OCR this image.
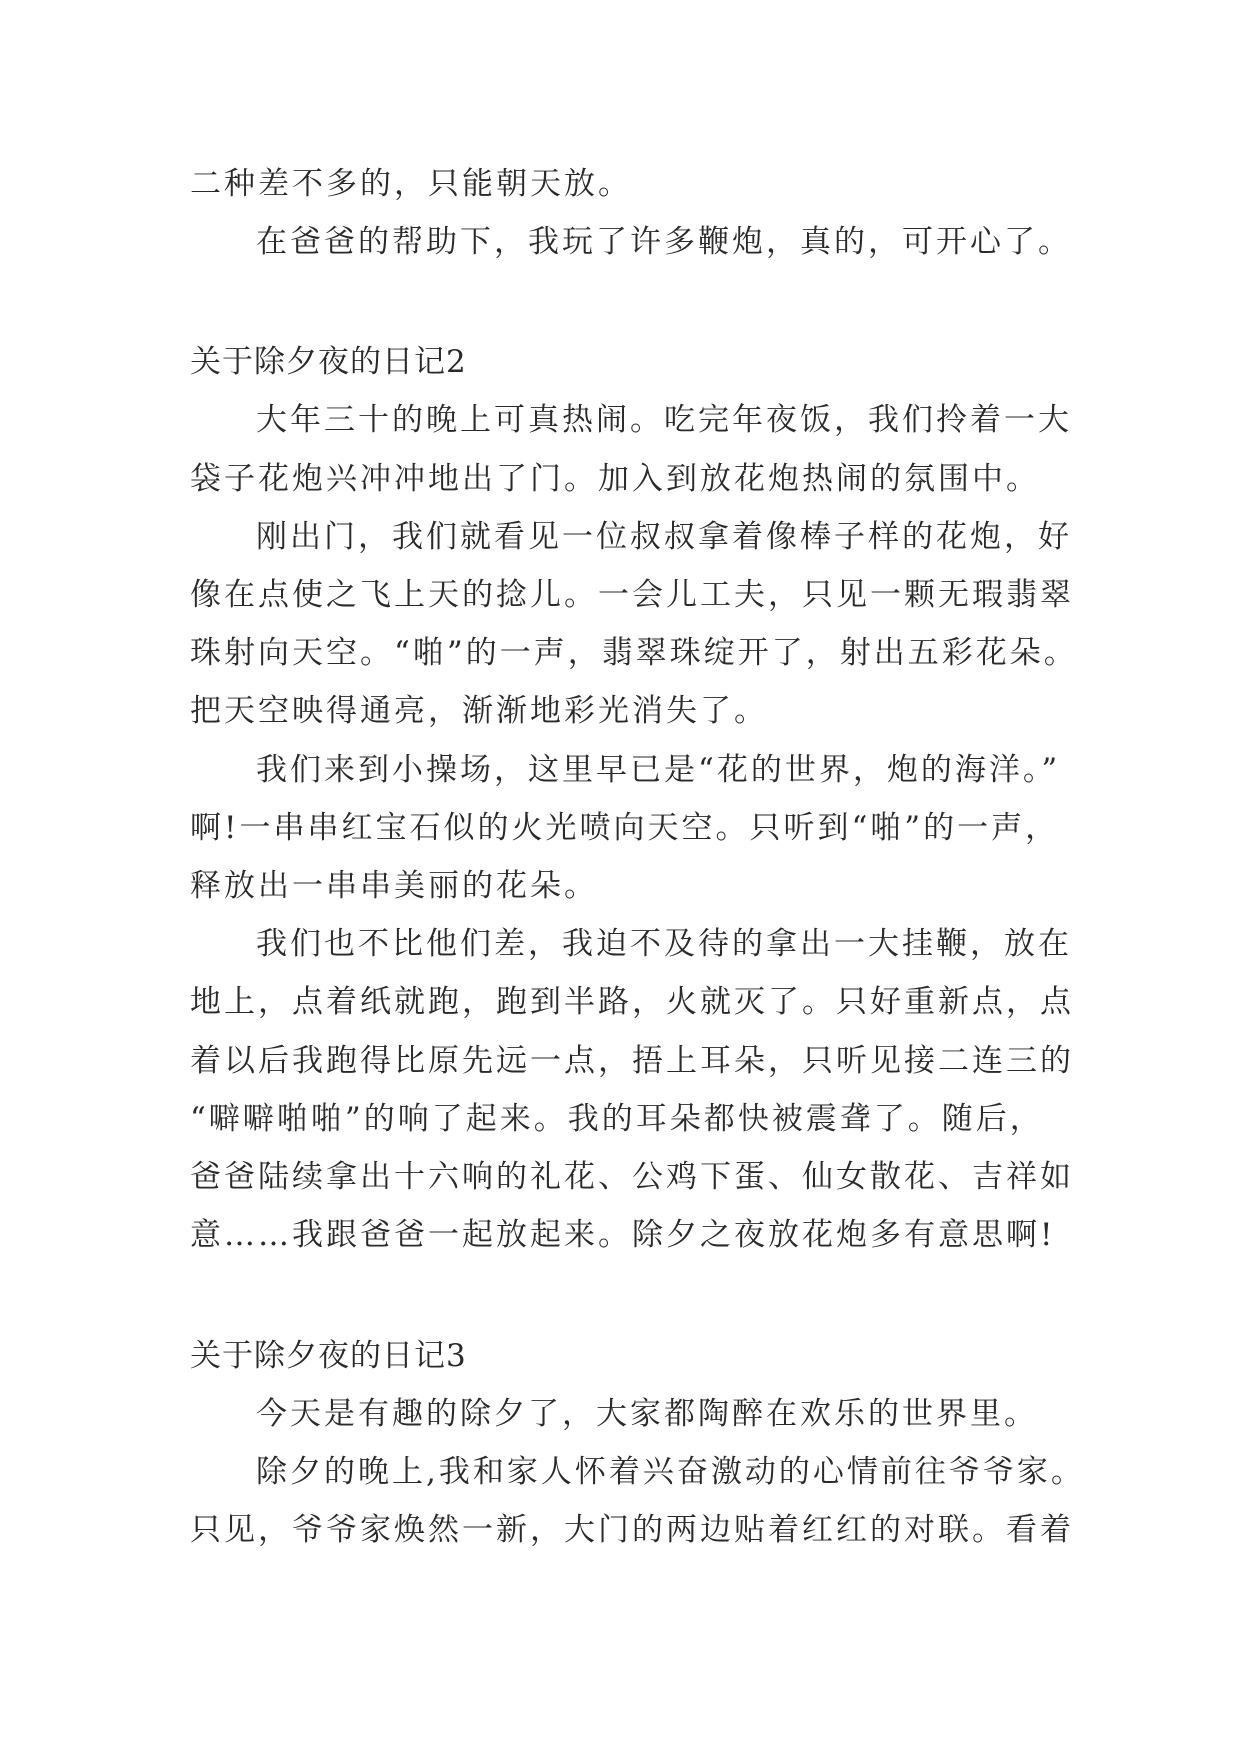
二种差不多的，只能朝天放。
在爸爸的帮助下，我玩了许多鞭炮，真的，可开心了。
关于除夕夜的日记2
大年三十的晚上可真热闹。吃完年夜饭，我们拎着一大
袋子花炮兴冲冲地出了门。加入到放花炮热闹的氛围中。
刚出门，我们就看见一位叔叔拿着像棒子样的花炮，好
像在点使之飞上天的捻儿。一会儿工夫，只见一颗无瑕翡翠
珠射向天空。“啪”的一声，翡翠珠绽开了，射出五彩花朵。
把天空映得通亮，渐渐地彩光消失了。
我们来到小操场，这里早已是“花的世界，炮的海洋。”
啊!一串串红宝石似的火光喷向天空。只听到“啪”的一声，
释放出一串串美丽的花朵。
我们也不比他们差，我迫不及待的拿出一大挂鞭，放在
地上，点着纸就跑，跑到半路，火就灭了。只好重新点，点
着以后我跑得比原先远一点，捂上耳朵，只听见接二连三的
“噼噼啪啪”的响了起来。我的耳朵都快被震聋了。随后，
爸爸陆续拿出十六响的礼花、公鸡下蛋、仙女散花、吉祥如
意……我跟爸爸一起放起来。除夕之夜放花炮多有意思啊!
关于除夕夜的日记3
今天是有趣的除夕了，大家都陶醉在欢乐的世界里。
除夕的晚上,我和家人怀着兴奋激动的心情前往爷爷家。
只见，爷爷家焕然一新，大门的两边贴着红红的对联。看着
